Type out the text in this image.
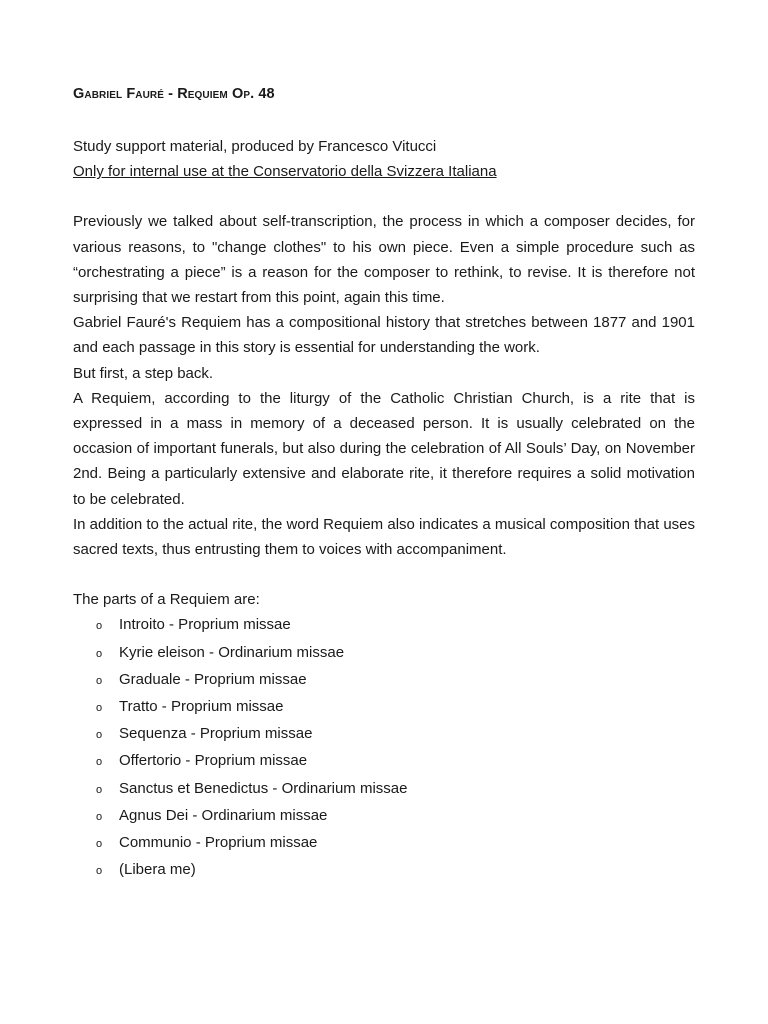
Gabriel Fauré - Requiem Op. 48
Study support material, produced by Francesco Vitucci
Only for internal use at the Conservatorio della Svizzera Italiana

Previously we talked about self-transcription, the process in which a composer decides, for various reasons, to "change clothes" to his own piece. Even a simple procedure such as “orchestrating a piece” is a reason for the composer to rethink, to revise. It is therefore not surprising that we restart from this point, again this time.

Gabriel Fauré's Requiem has a compositional history that stretches between 1877 and 1901 and each passage in this story is essential for understanding the work.

But first, a step back.

A Requiem, according to the liturgy of the Catholic Christian Church, is a rite that is expressed in a mass in memory of a deceased person. It is usually celebrated on the occasion of important funerals, but also during the celebration of All Souls’ Day, on November 2nd. Being a particularly extensive and elaborate rite, it therefore requires a solid motivation to be celebrated.

In addition to the actual rite, the word Requiem also indicates a musical composition that uses sacred texts, thus entrusting them to voices with accompaniment.

The parts of a Requiem are:
o	Introito - Proprium missae
o	Kyrie eleison - Ordinarium missae
o	Graduale - Proprium missae
o	Tratto - Proprium missae
o	Sequenza - Proprium missae
o	Offertorio - Proprium missae
o	Sanctus et Benedictus - Ordinarium missae
o	Agnus Dei - Ordinarium missae
o	Communio - Proprium missae
o	(Libera me)
